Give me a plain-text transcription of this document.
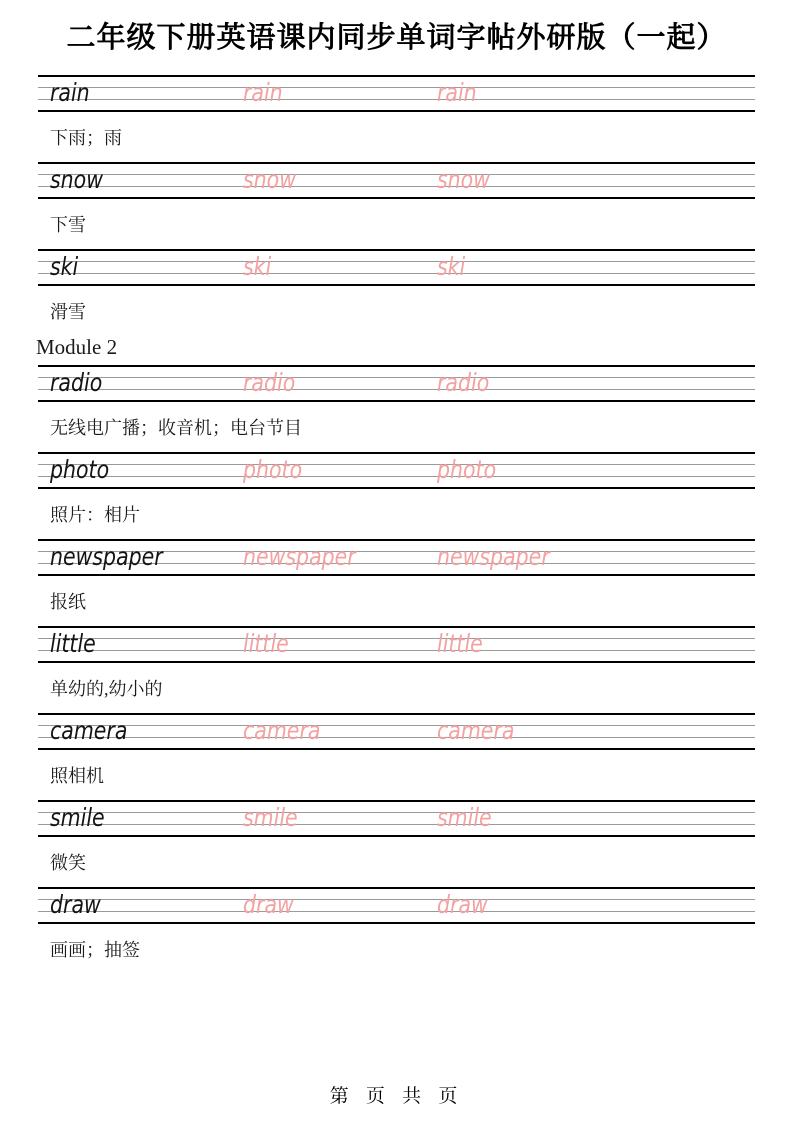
二年级下册英语课内同步单词字帖外研版（一起）
rain	rain	rain
下雨；雨
snow	snow	snow
下雪
ski	ski	ski
滑雪
Module 2
radio	radio	radio
无线电广播；收音机；电台节目
photo	photo	photo
照片：相片
newspaper	newspaper	newspaper
报纸
little	little	little
单幼的,幼小的
camera	camera	camera
照相机
smile	smile	smile
微笑
draw	draw	draw
画画；抽签
第 页 共 页
